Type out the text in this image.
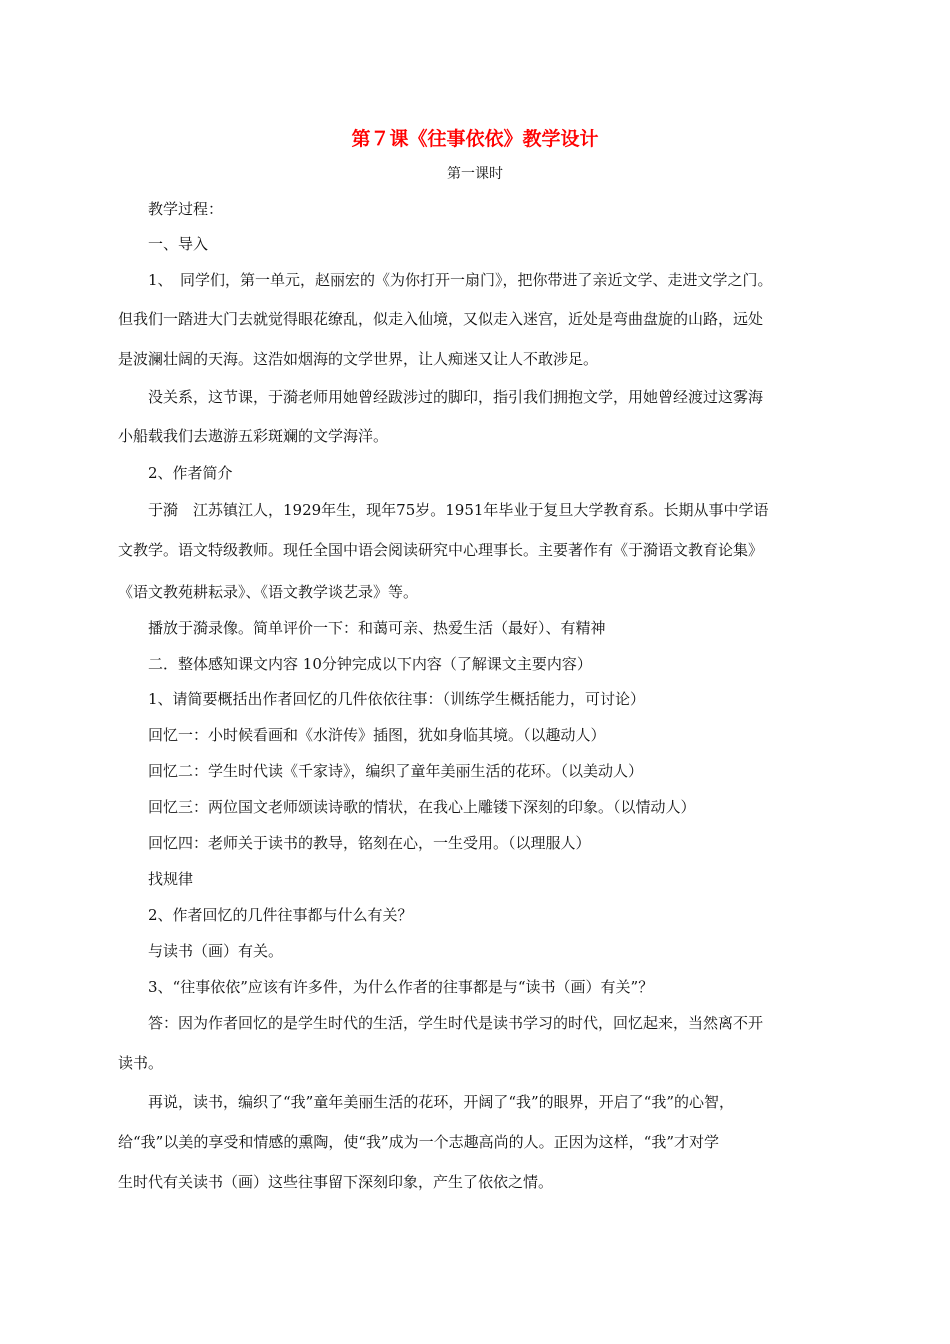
第７课《往事依依》教学设计
第一课时
教学过程：
一、导入
1、　同学们，第一单元，赵丽宏的《为你打开一扇门》，把你带进了亲近文学、走进文学之门。
但我们一踏进大门去就觉得眼花缭乱，似走入仙境，又似走入迷宫，近处是弯曲盘旋的山路，远处
是波澜壮阔的天海。这浩如烟海的文学世界，让人痴迷又让人不敢涉足。
没关系，这节课，于漪老师用她曾经跋涉过的脚印，指引我们拥抱文学，用她曾经渡过这雾海
小船载我们去遨游五彩斑斓的文学海洋。
2、作者简介
于漪　江苏镇江人，1929年生，现年75岁。1951年毕业于复旦大学教育系。长期从事中学语
文教学。语文特级教师。现任全国中语会阅读研究中心理事长。主要著作有《于漪语文教育论集》
《语文教苑耕耘录》、《语文教学谈艺录》等。
播放于漪录像。简单评价一下：和蔼可亲、热爱生活（最好）、有精神
二．整体感知课文内容 10分钟完成以下内容（了解课文主要内容）
1、请简要概括出作者回忆的几件依依往事：（训练学生概括能力，可讨论）
回忆一：小时候看画和《水浒传》插图，犹如身临其境。（以趣动人）
回忆二：学生时代读《千家诗》，编织了童年美丽生活的花环。（以美动人）
回忆三：两位国文老师颂读诗歌的情状，在我心上雕镂下深刻的印象。（以情动人）
回忆四：老师关于读书的教导，铭刻在心，一生受用。（以理服人）
找规律
2、作者回忆的几件往事都与什么有关？
与读书（画）有关。
3、“往事依依”应该有许多件，为什么作者的往事都是与“读书（画）有关”？
答：因为作者回忆的是学生时代的生活，学生时代是读书学习的时代，回忆起来，当然离不开
读书。
再说，读书，编织了“我”童年美丽生活的花环，开阔了“我”的眼界，开启了“我”的心智，
给“我”以美的享受和情感的熏陶，使“我”成为一个志趣高尚的人。正因为这样，“我”才对学
生时代有关读书（画）这些往事留下深刻印象，产生了依依之情。
